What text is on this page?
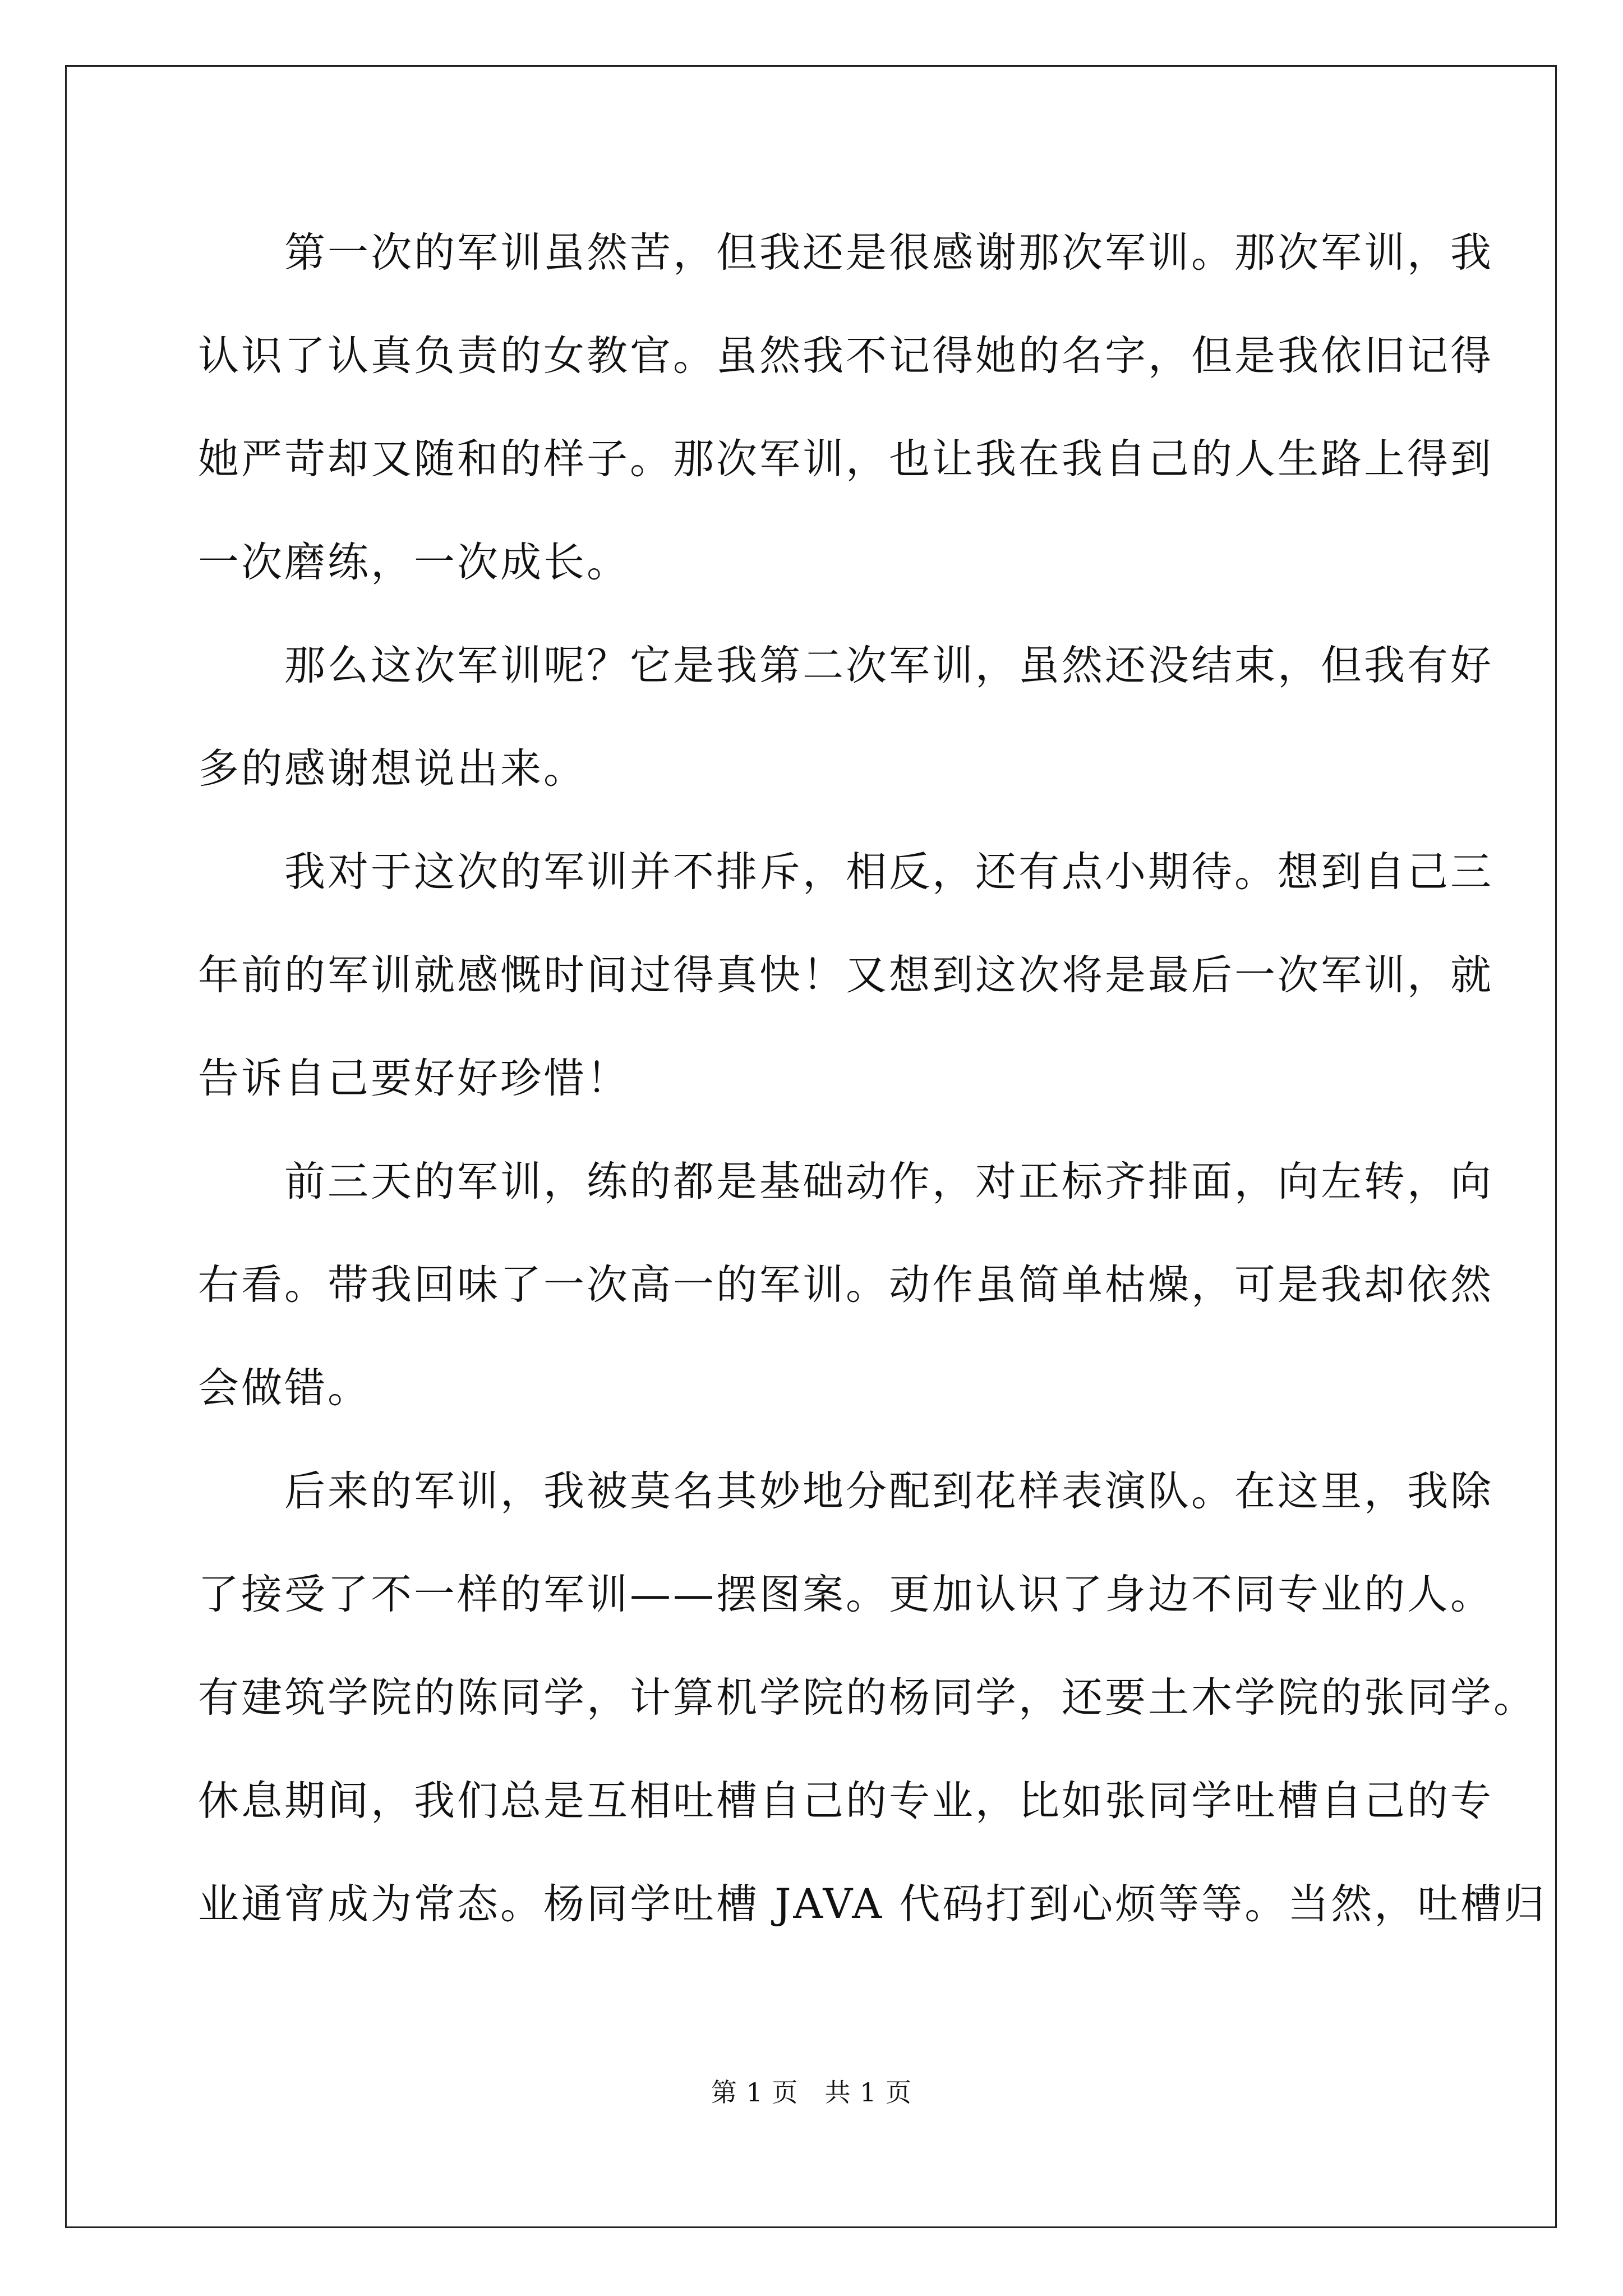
　　第一次的军训虽然苦，但我还是很感谢那次军训。那次军训，我
认识了认真负责的女教官。虽然我不记得她的名字，但是我依旧记得
她严苛却又随和的样子。那次军训，也让我在我自己的人生路上得到
一次磨练，一次成长。
　　那么这次军训呢？它是我第二次军训，虽然还没结束，但我有好
多的感谢想说出来。
　　我对于这次的军训并不排斥，相反，还有点小期待。想到自己三
年前的军训就感慨时间过得真快！又想到这次将是最后一次军训，就
告诉自己要好好珍惜！
　　前三天的军训，练的都是基础动作，对正标齐排面，向左转，向
右看。带我回味了一次高一的军训。动作虽简单枯燥，可是我却依然
会做错。
　　后来的军训，我被莫名其妙地分配到花样表演队。在这里，我除
了接受了不一样的军训——摆图案。更加认识了身边不同专业的人。
有建筑学院的陈同学，计算机学院的杨同学，还要土木学院的张同学。
休息期间，我们总是互相吐槽自己的专业，比如张同学吐槽自己的专
业通宵成为常态。杨同学吐槽 JAVA 代码打到心烦等等。当然，吐槽归
第 1 页　共 1 页
